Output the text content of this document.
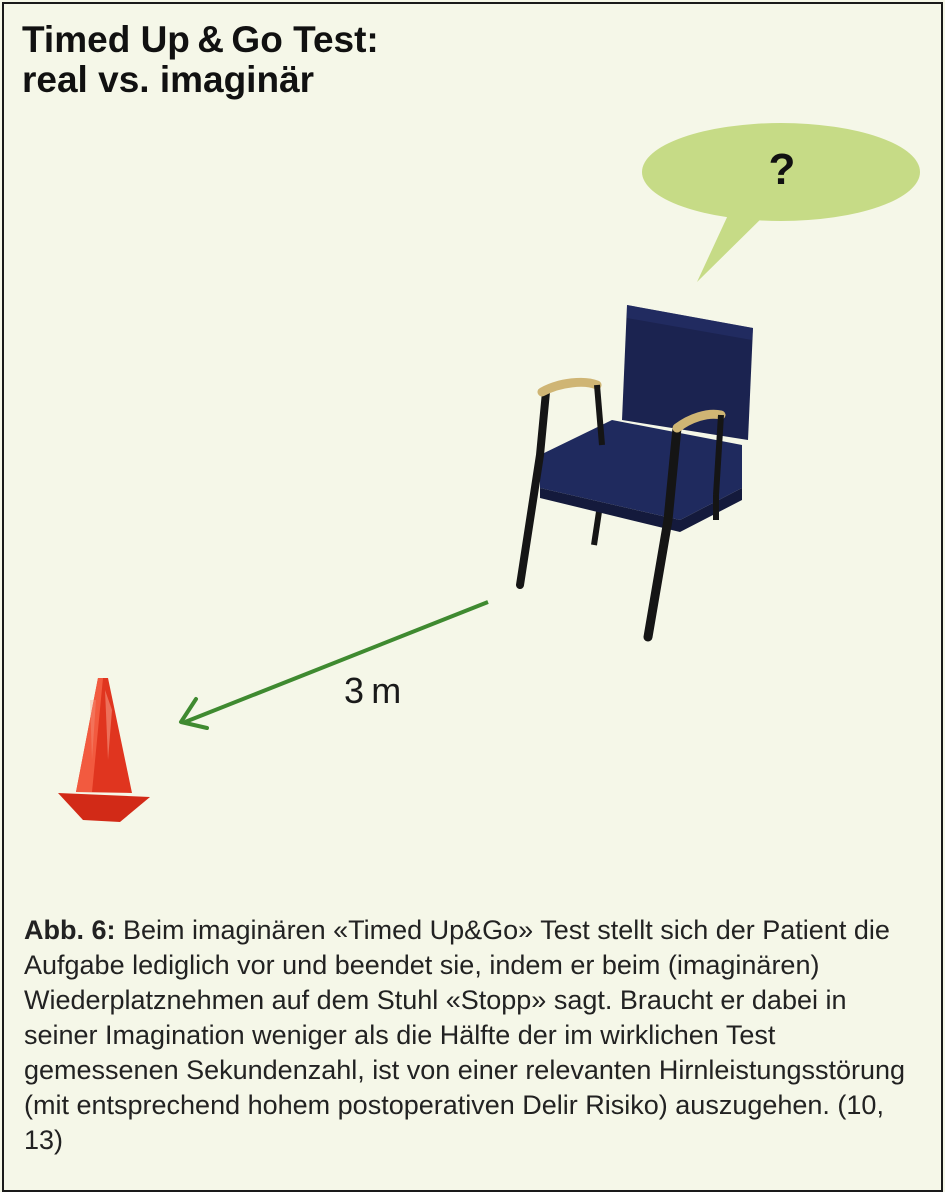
Timed Up & Go Test:
real vs. imaginär
?
3 m

Abb. 6: Beim imaginären «Timed Up&Go» Test stellt sich der Patient die Aufgabe lediglich vor und beendet sie, indem er beim (imaginären) Wiederplatznehmen auf dem Stuhl «Stopp» sagt. Braucht er dabei in seiner Imagination weniger als die Hälfte der im wirklichen Test gemessenen Sekundenzahl, ist von einer relevanten Hirnleistungsstörung (mit entsprechend hohem postoperativen Delir Risiko) auszugehen. (10, 13)
